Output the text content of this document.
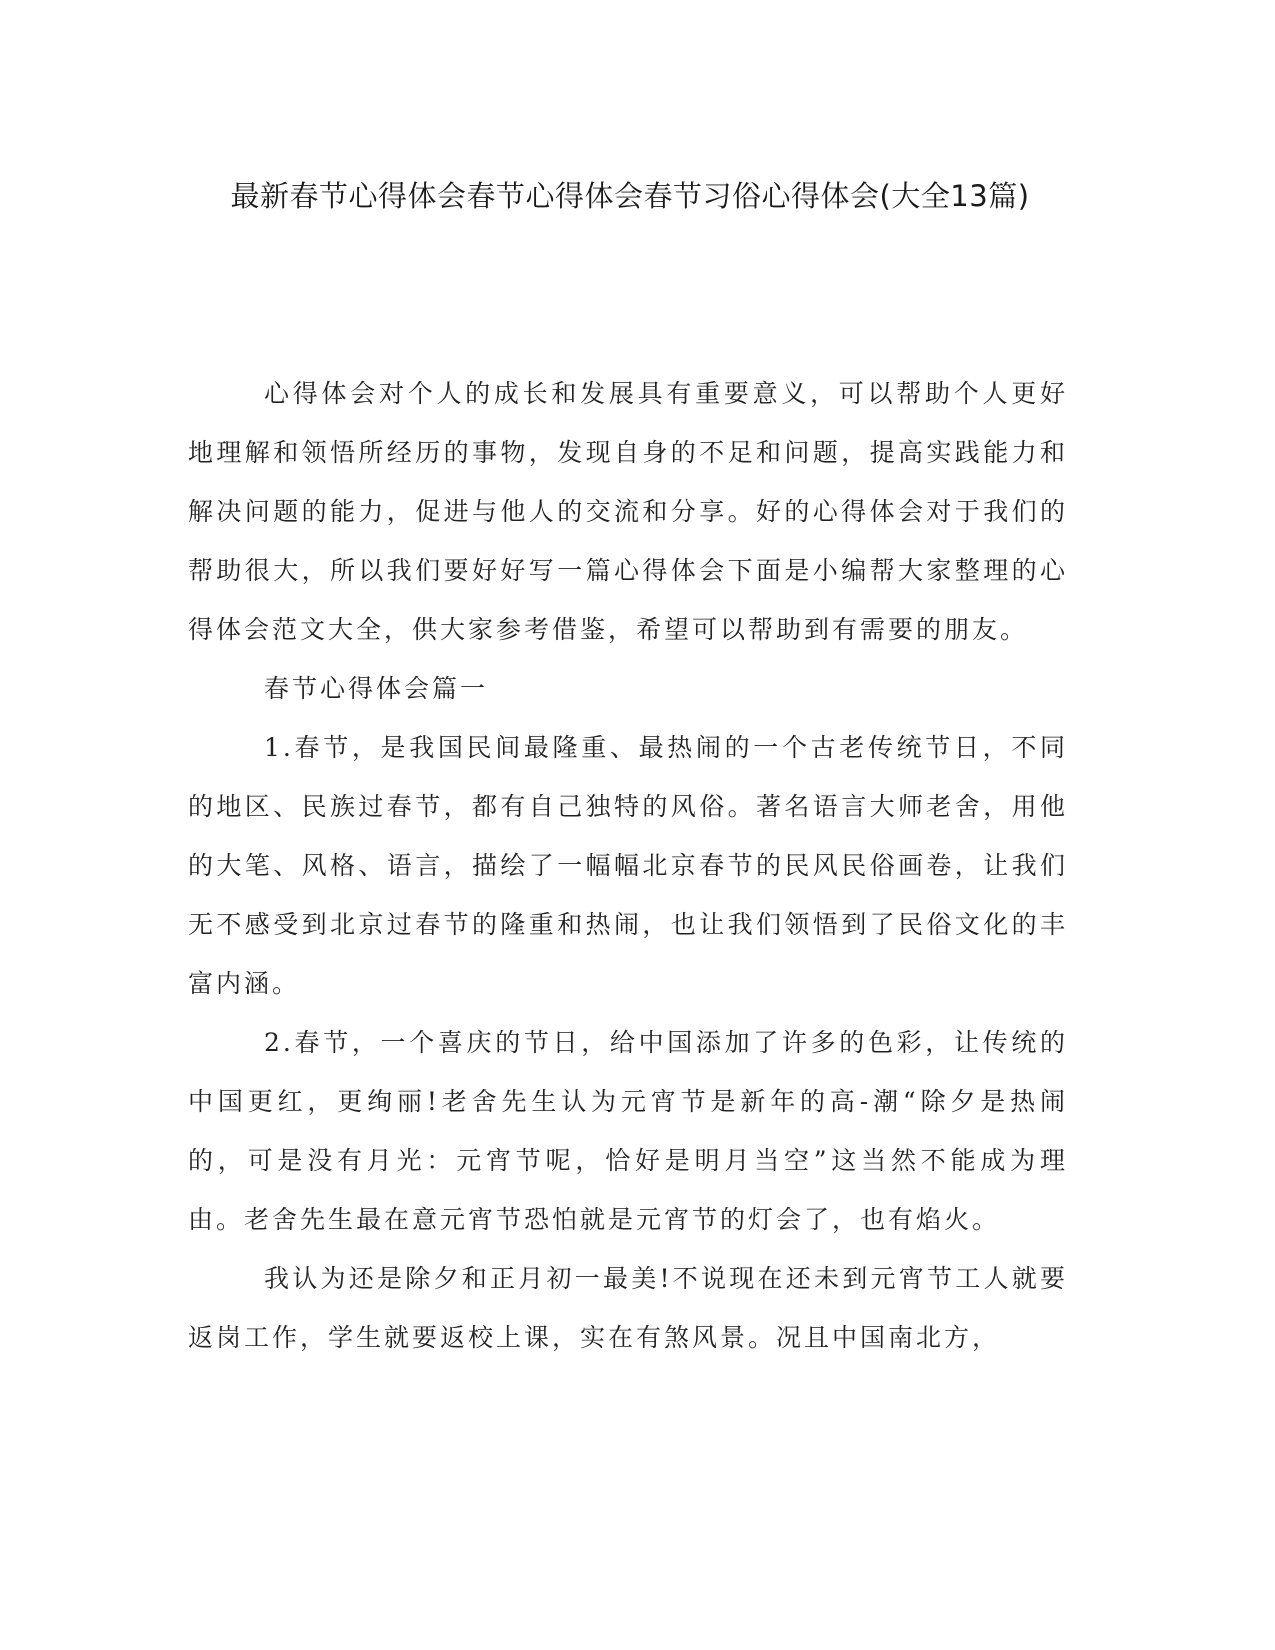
最新春节心得体会春节心得体会春节习俗心得体会(大全13篇)

心得体会对个人的成长和发展具有重要意义，可以帮助个人更好地理解和领悟所经历的事物，发现自身的不足和问题，提高实践能力和解决问题的能力，促进与他人的交流和分享。好的心得体会对于我们的帮助很大，所以我们要好好写一篇心得体会下面是小编帮大家整理的心得体会范文大全，供大家参考借鉴，希望可以帮助到有需要的朋友。

春节心得体会篇一

1.春节，是我国民间最隆重、最热闹的一个古老传统节日，不同的地区、民族过春节，都有自己独特的风俗。著名语言大师老舍，用他的大笔、风格、语言，描绘了一幅幅北京春节的民风民俗画卷，让我们无不感受到北京过春节的隆重和热闹，也让我们领悟到了民俗文化的丰富内涵。

2.春节，一个喜庆的节日，给中国添加了许多的色彩，让传统的中国更红，更绚丽!老舍先生认为元宵节是新年的高-潮“除夕是热闹的，可是没有月光：元宵节呢，恰好是明月当空”这当然不能成为理由。老舍先生最在意元宵节恐怕就是元宵节的灯会了，也有焰火。

我认为还是除夕和正月初一最美!不说现在还未到元宵节工人就要返岗工作，学生就要返校上课，实在有煞风景。况且中国南北方，
